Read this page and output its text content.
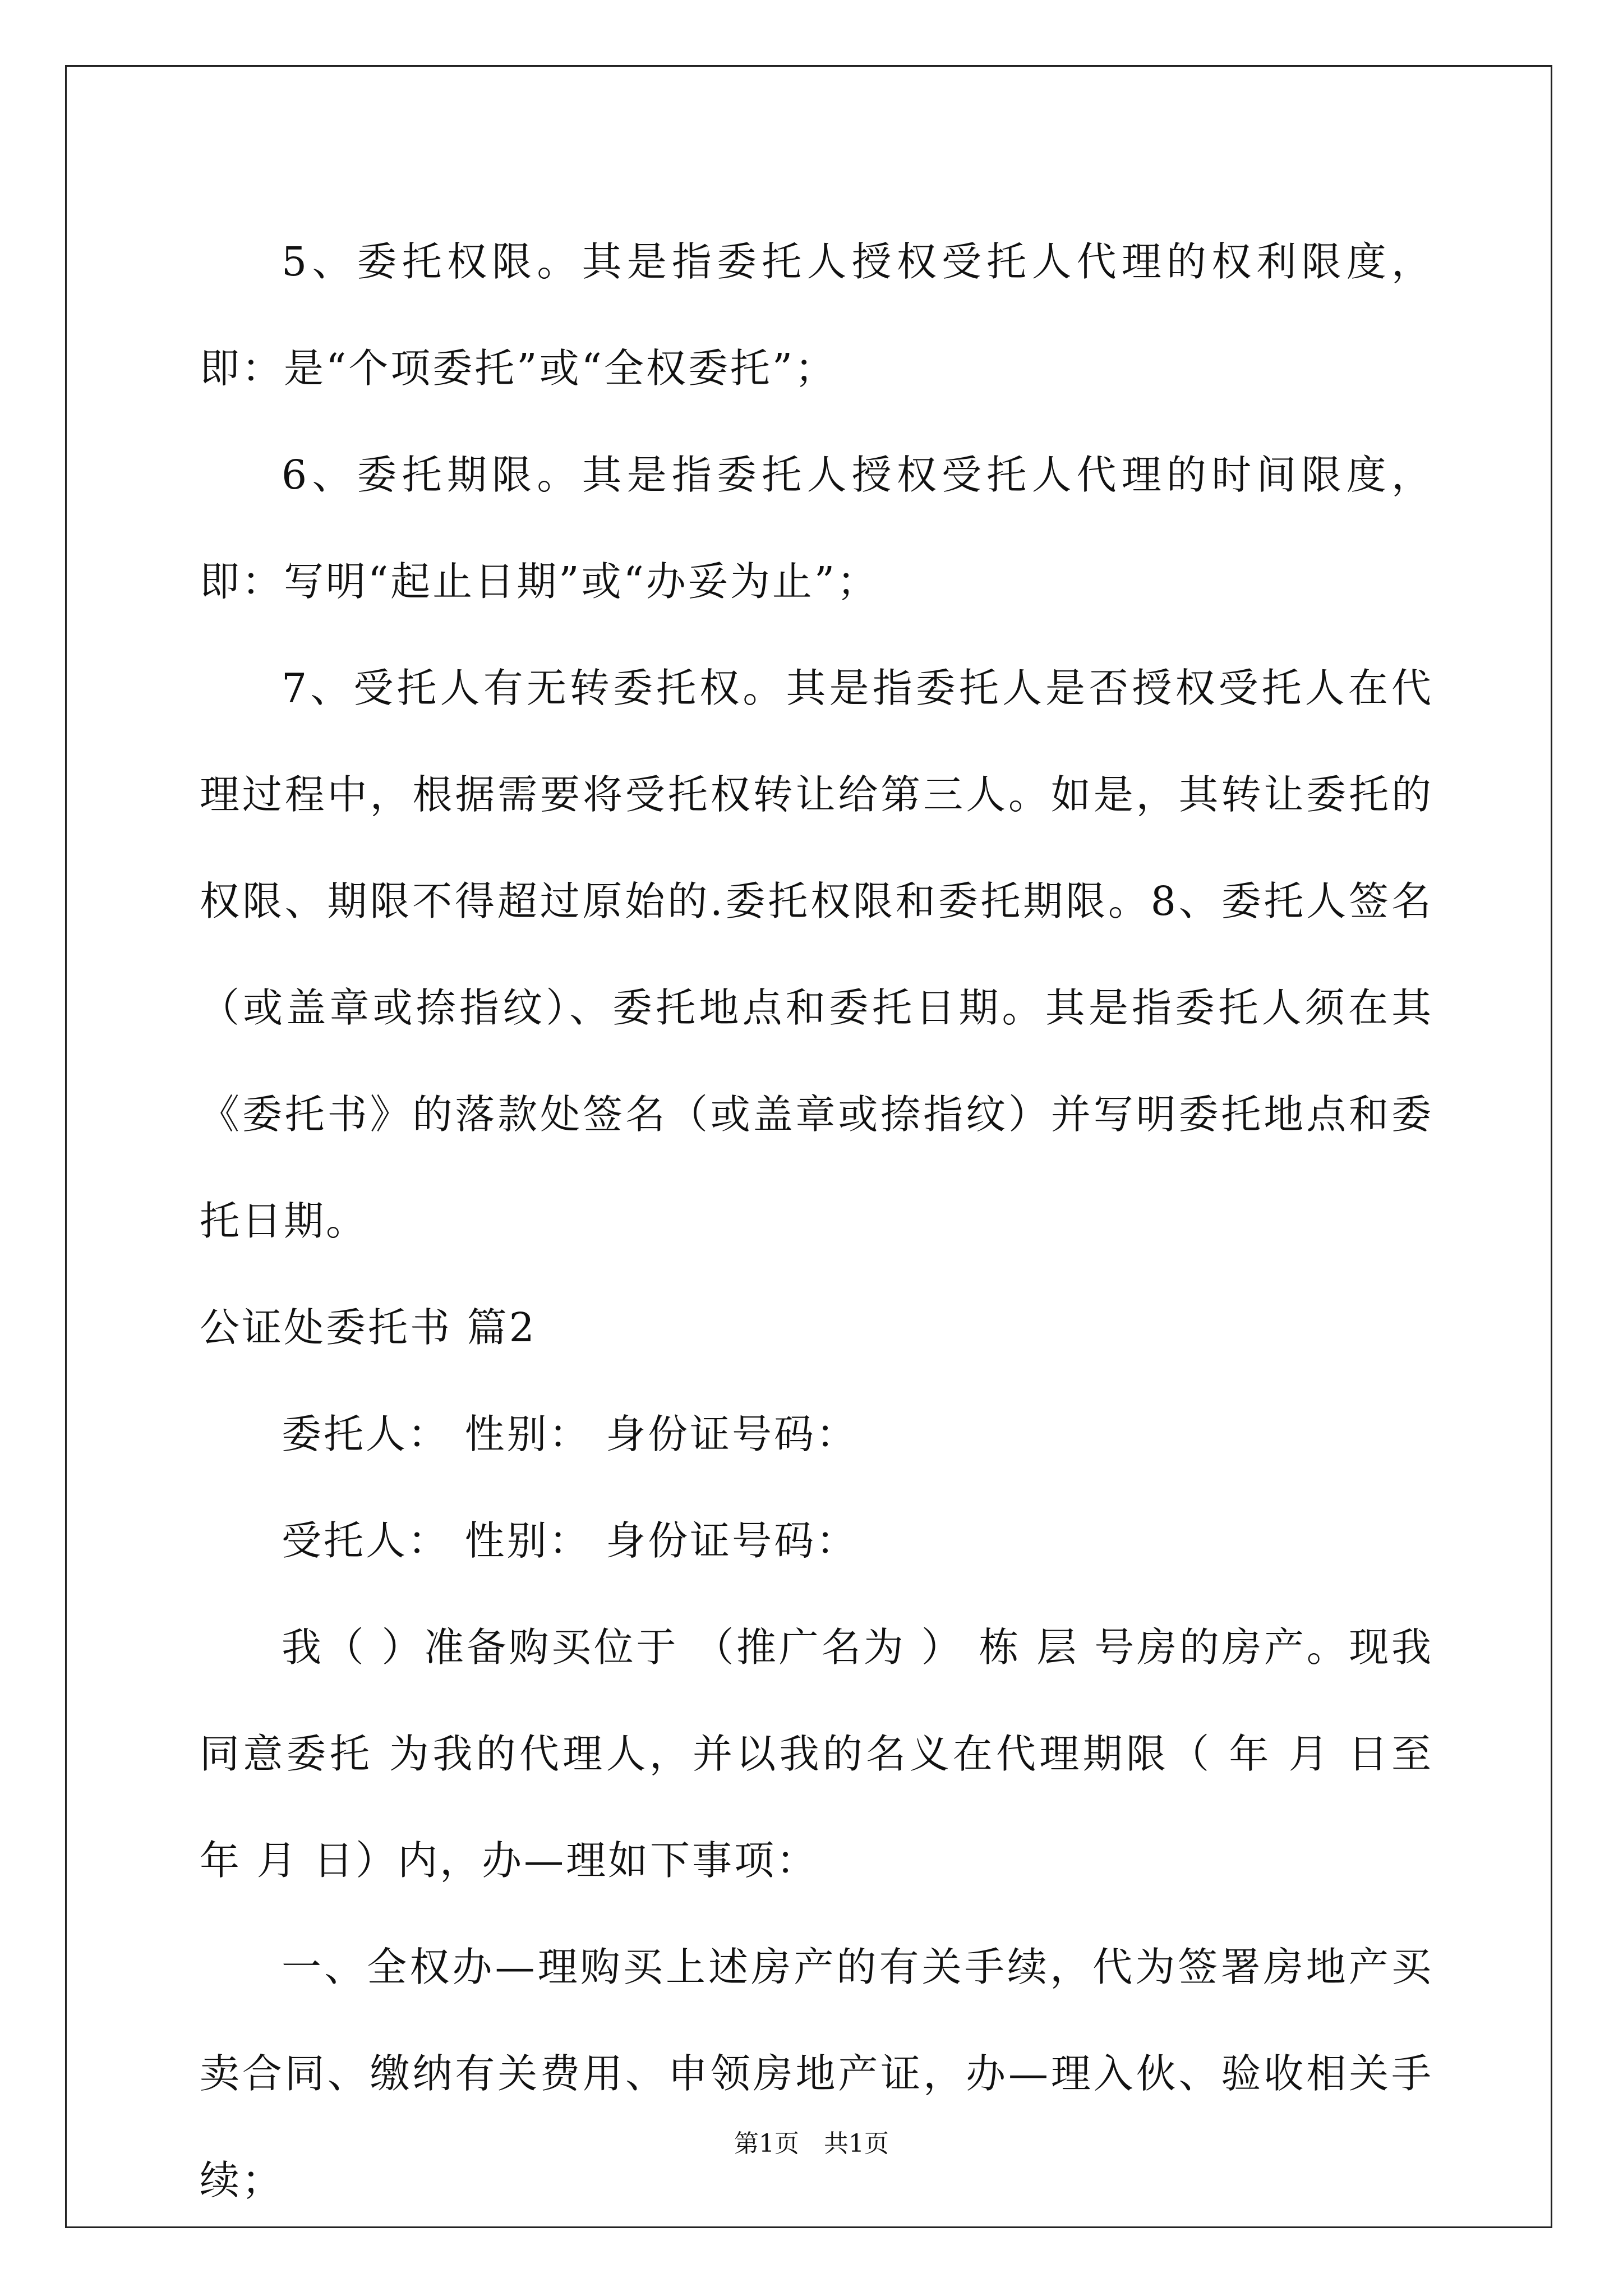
5、委托权限。其是指委托人授权受托人代理的权利限度，即：是“个项委托”或“全权委托”；

6、委托期限。其是指委托人授权受托人代理的时间限度，即：写明“起止日期”或“办妥为止”；

7、受托人有无转委托权。其是指委托人是否授权受托人在代理过程中，根据需要将受托权转让给第三人。如是，其转让委托的权限、期限不得超过原始的.委托权限和委托期限。8、委托人签名（或盖章或捺指纹）、委托地点和委托日期。其是指委托人须在其《委托书》的落款处签名（或盖章或捺指纹）并写明委托地点和委托日期。

公证处委托书 篇2

委托人： 性别： 身份证号码：

受托人： 性别： 身份证号码：

我（ ）准备购买位于 （推广名为 ） 栋 层 号房的房产。现我同意委托 为我的代理人，并以我的名义在代理期限（ 年 月 日至 年 月 日）内，办—理如下事项：

一、全权办—理购买上述房产的有关手续，代为签署房地产买卖合同、缴纳有关费用、申领房地产证，办—理入伙、验收相关手续；

第1页　共1页
